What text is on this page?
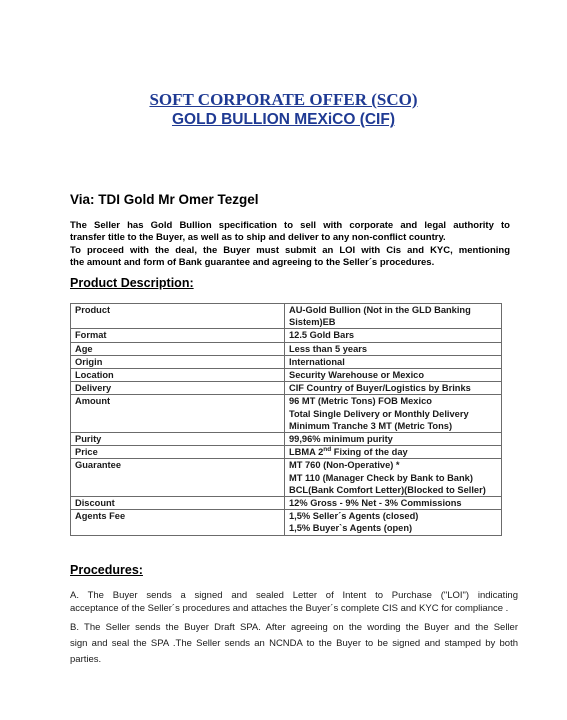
SOFT CORPORATE OFFER (SCO)
GOLD BULLION MEXiCO (CIF)
Via: TDI Gold Mr Omer Tezgel
The Seller has Gold Bullion specification to sell with corporate and legal authority to
transfer title to the Buyer, as well as to ship and deliver to any non-conflict country.
To proceed with the deal, the Buyer must submit an LOI with Cis and KYC, mentioning
the amount and form of Bank guarantee and agreeing to the Seller´s procedures.
Product Description:
Product	AU-Gold Bullion (Not in the GLD Banking
Sistem)EB

Format	12.5 Gold Bars

Age	Less than 5 years

Origin	International

Location	Security Warehouse or Mexico

Delivery	CIF Country of Buyer/Logistics by Brinks

Amount	96 MT (Metric Tons) FOB Mexico
Total Single Delivery or Monthly Delivery
Minimum Tranche 3 MT (Metric Tons)

Purity	99,96% minimum purity

Price	LBMA 2nd Fixing of the day

Guarantee	MT 760 (Non-Operative) *
MT 110 (Manager Check by Bank to Bank)
BCL(Bank Comfort Letter)(Blocked to Seller)

Discount	12% Gross - 9% Net - 3% Commissions

Agents Fee	1,5% Seller´s Agents (closed)
1,5% Buyer`s Agents (open)
Procedures:
A. The Buyer sends a signed and sealed Letter of Intent to Purchase ("LOI") indicating
acceptance of the Seller´s procedures and attaches the Buyer´s complete CIS and KYC for compliance .
B. The Seller sends the Buyer Draft SPA. After agreeing on the wording the Buyer and the Seller
sign and seal the SPA .The Seller sends an NCNDA to the Buyer to be signed and stamped by both
parties.
